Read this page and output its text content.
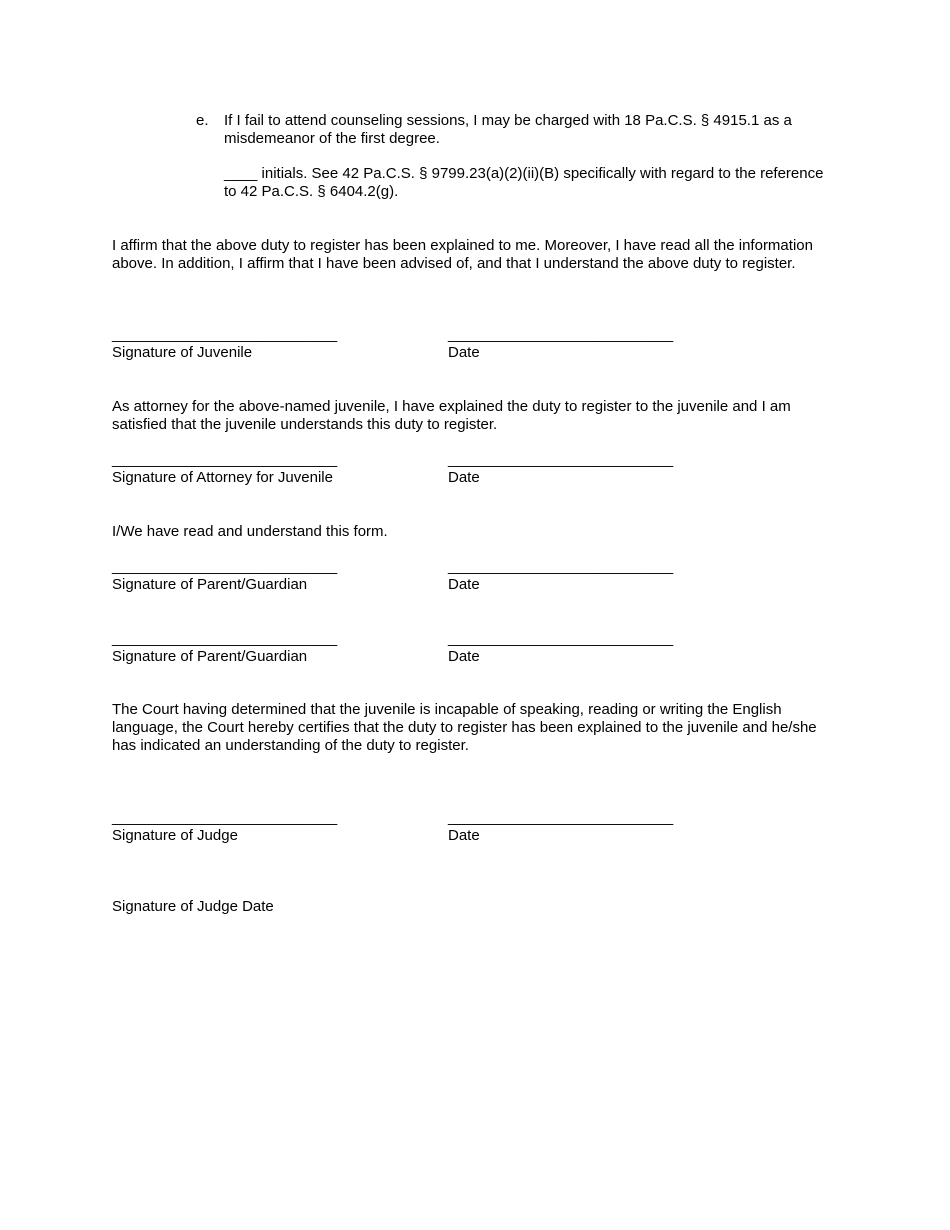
e. If I fail to attend counseling sessions, I may be charged with 18 Pa.C.S. § 4915.1 as a misdemeanor of the first degree.
____ initials. See 42 Pa.C.S. § 9799.23(a)(2)(ii)(B) specifically with regard to the reference to 42 Pa.C.S. § 6404.2(g).
I affirm that the above duty to register has been explained to me. Moreover, I have read all the information above. In addition, I affirm that I have been advised of, and that I understand the above duty to register.
___________________________	___________________________
Signature of Juvenile	Date
As attorney for the above-named juvenile, I have explained the duty to register to the juvenile and I am satisfied that the juvenile understands this duty to register.
___________________________	___________________________
Signature of Attorney for Juvenile	Date
I/We have read and understand this form.
___________________________	___________________________
Signature of Parent/Guardian	Date
___________________________	___________________________
Signature of Parent/Guardian	Date
The Court having determined that the juvenile is incapable of speaking, reading or writing the English language, the Court hereby certifies that the duty to register has been explained to the juvenile and he/she has indicated an understanding of the duty to register.
___________________________	___________________________
Signature of Judge	Date
Signature of Judge Date
